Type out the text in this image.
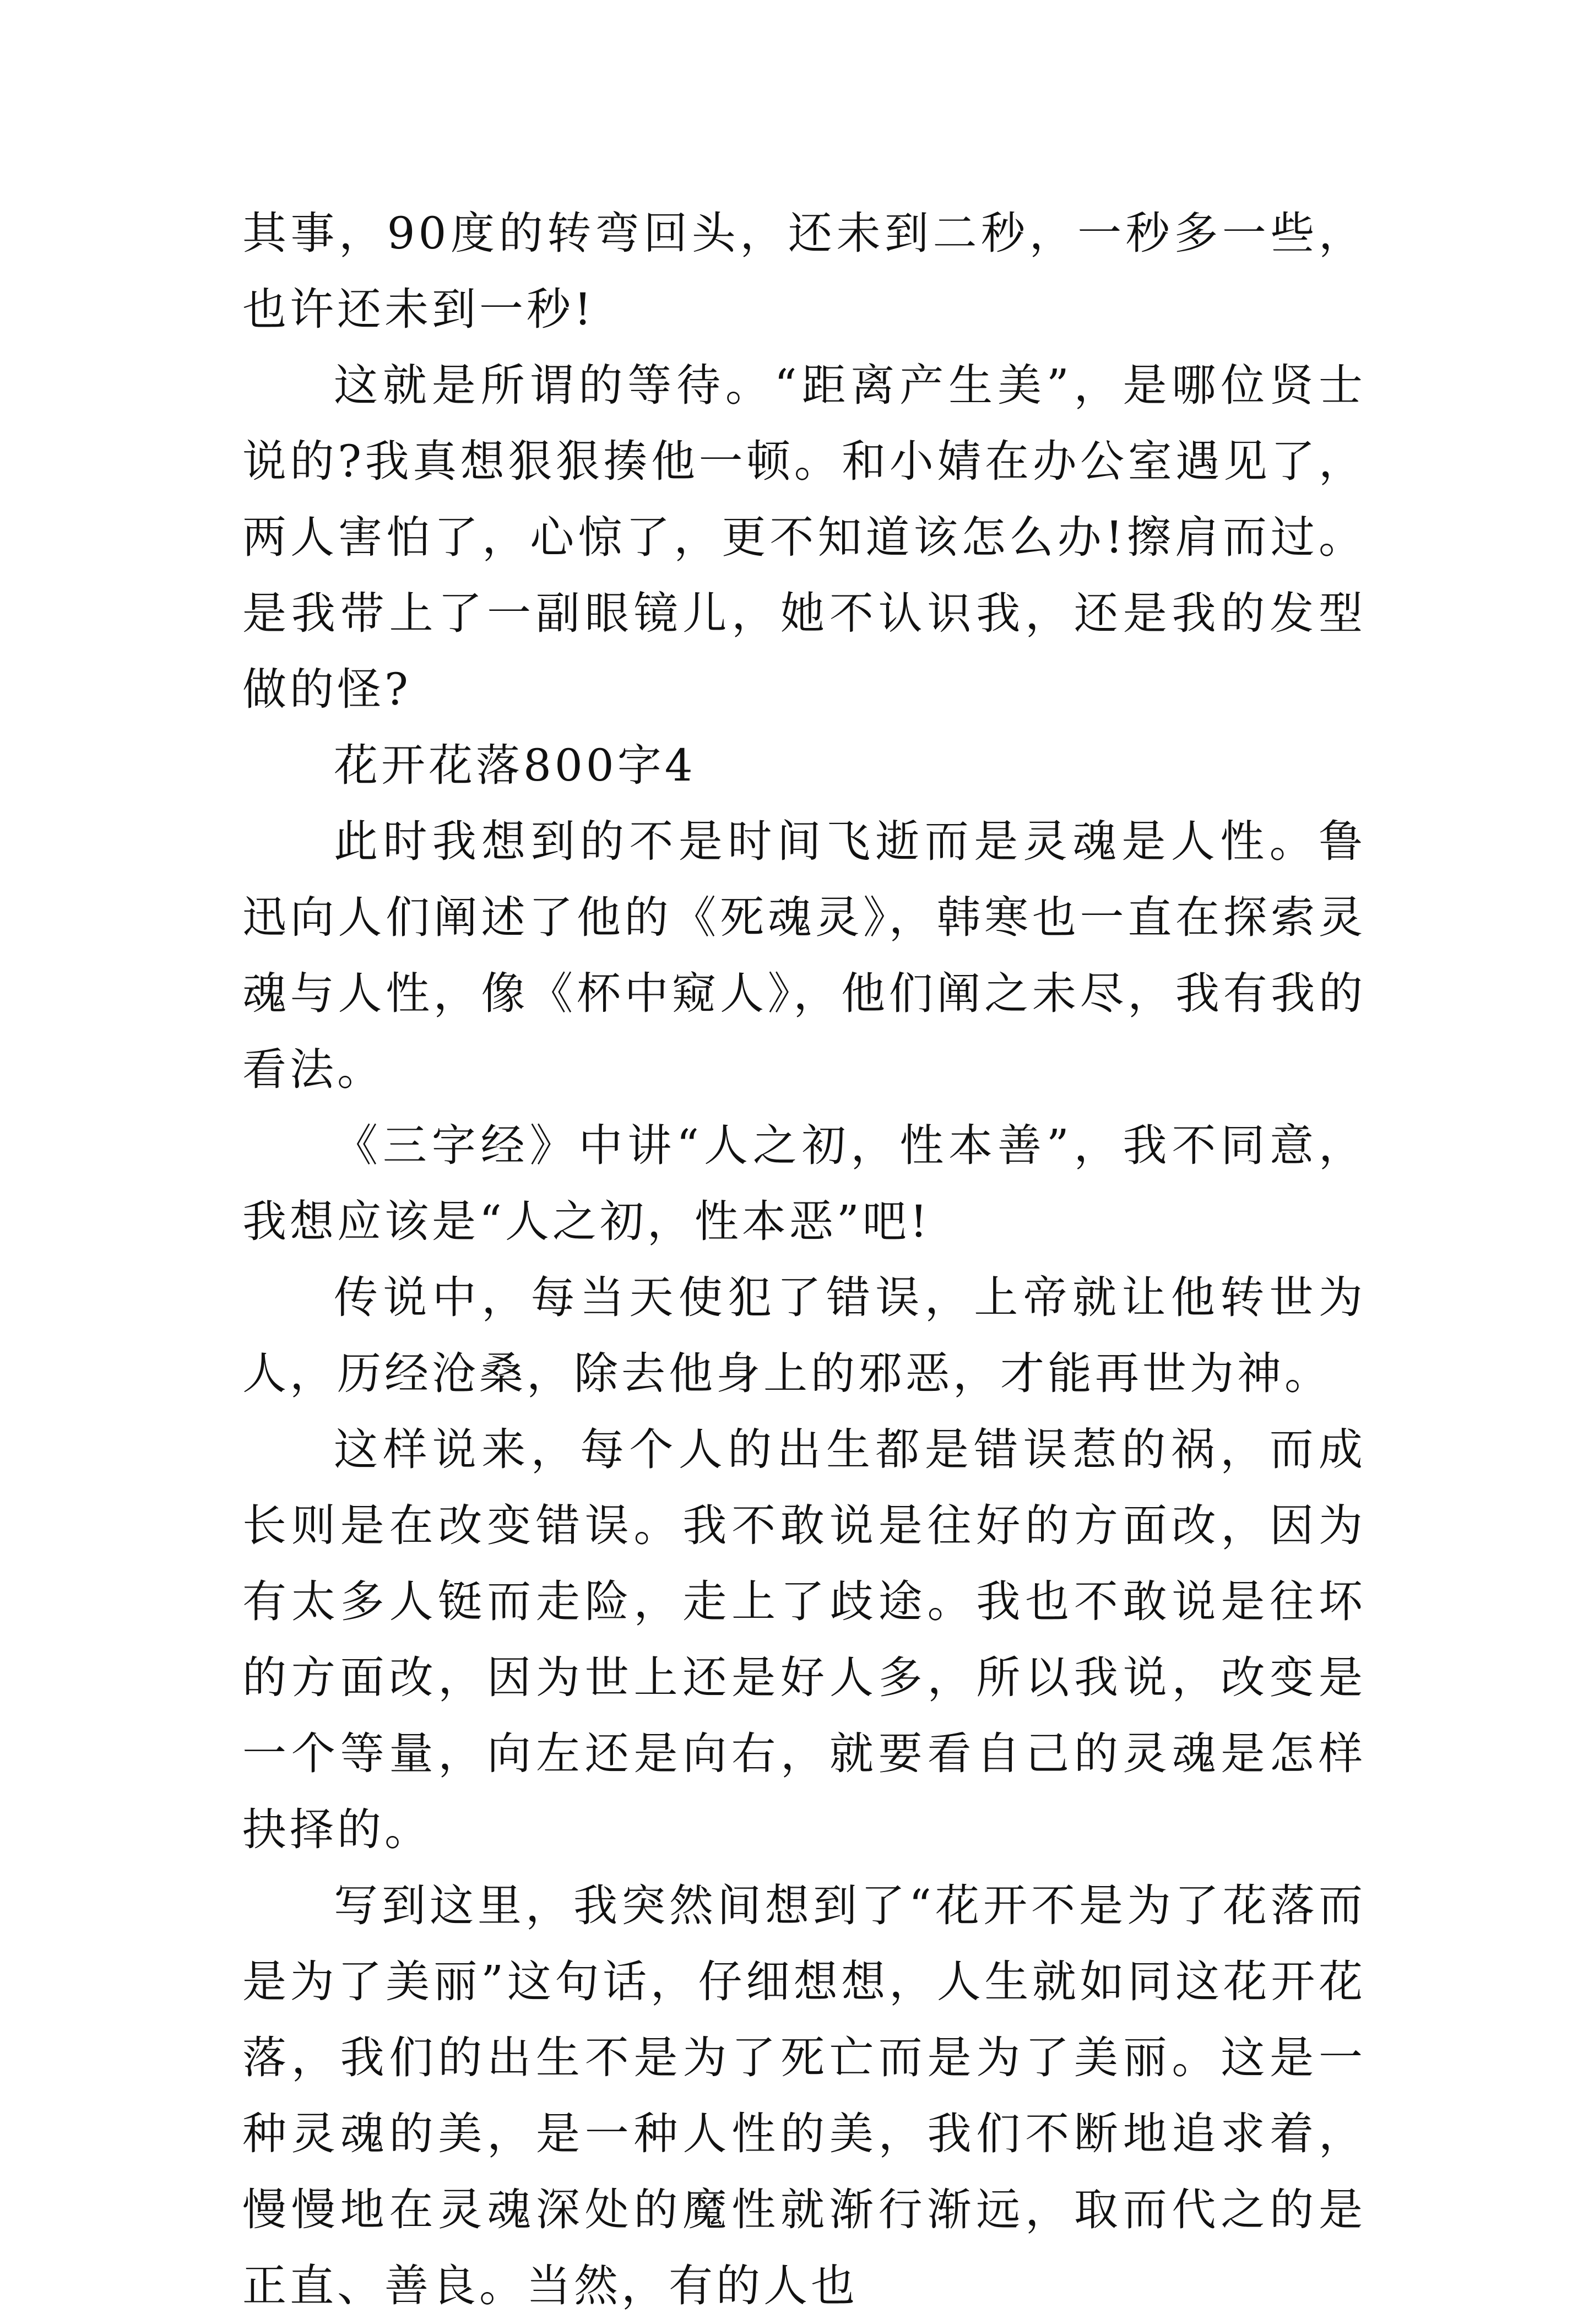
其事，90度的转弯回头，还未到二秒，一秒多一些，也许还未到一秒!

这就是所谓的等待。“距离产生美”，是哪位贤士说的?我真想狠狠揍他一顿。和小婧在办公室遇见了，两人害怕了，心惊了，更不知道该怎么办!擦肩而过。是我带上了一副眼镜儿，她不认识我，还是我的发型做的怪?

花开花落800字4

此时我想到的不是时间飞逝而是灵魂是人性。鲁迅向人们阐述了他的《死魂灵》，韩寒也一直在探索灵魂与人性，像《杯中窥人》，他们阐之未尽，我有我的看法。

《三字经》中讲“人之初，性本善”，我不同意，我想应该是“人之初，性本恶”吧!

传说中，每当天使犯了错误，上帝就让他转世为人，历经沧桑，除去他身上的邪恶，才能再世为神。

这样说来，每个人的出生都是错误惹的祸，而成长则是在改变错误。我不敢说是往好的方面改，因为有太多人铤而走险，走上了歧途。我也不敢说是往坏的方面改，因为世上还是好人多，所以我说，改变是一个等量，向左还是向右，就要看自己的灵魂是怎样抉择的。

写到这里，我突然间想到了“花开不是为了花落而是为了美丽”这句话，仔细想想，人生就如同这花开花落，我们的出生不是为了死亡而是为了美丽。这是一种灵魂的美，是一种人性的美，我们不断地追求着，慢慢地在灵魂深处的魔性就渐行渐远，取而代之的是正直、善良。当然，有的人也
